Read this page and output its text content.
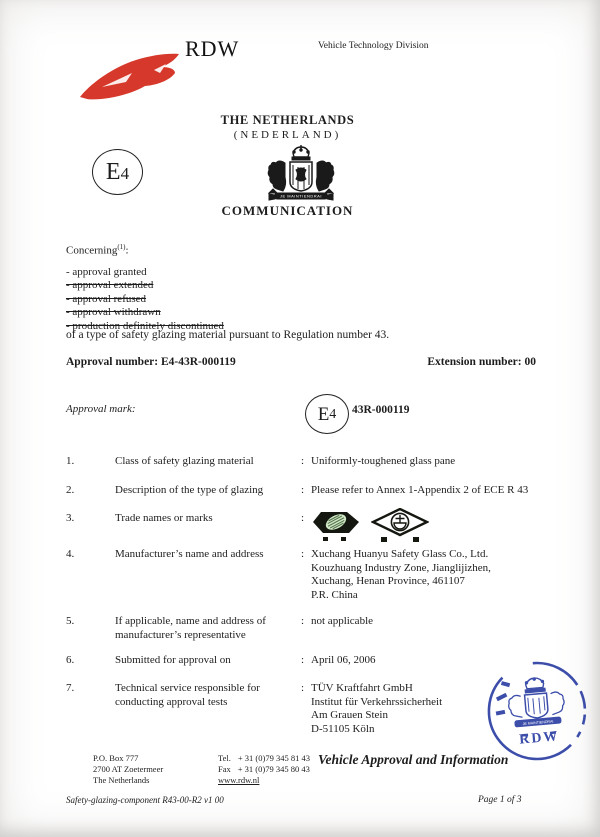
RDW	Vehicle Technology Division
THE NETHERLANDS
(NEDERLAND)
E 4
JE MAINTIENDRAI
COMMUNICATION
Concerning$^{(1)}$:
- approval granted
- approval extended
- approval refused
- approval withdrawn
- production definitely discontinued
of a type of safety glazing material pursuant to Regulation number 43.
Approval number: E4-43R-000119	Extension number: 00
Approval mark:	E 4 43R-000119
1.	Class of safety glazing material	: Uniformly-toughened glass pane
2.	Description of the type of glazing	: Please refer to Annex 1-Appendix 2 of ECE R 43
3.	Trade names or marks	:
4.	Manufacturer’s name and address	: Xuchang Huanyu Safety Glass Co., Ltd.
Kouzhuang Industry Zone, Jianglijizhen,
Xuchang, Henan Province, 461107
P.R. China
5.	If applicable, name and address of manufacturer’s representative
: not applicable
6.	Submitted for approval on	: April 06, 2006
7.	Technical service responsible for conducting approval tests
: TÜV Kraftfahrt GmbH
Institut für Verkehrssicherheit
Am Grauen Stein
D-51105 Köln	JE MAINTIENDRAI
RDW
P.O. Box 777
2700 AT Zoetermeer
The Netherlands
Tel. + 31 (0)79 345 81 43
Fax + 31 (0)79 345 80 43
www.rdw.nl
Vehicle Approval and Information
Safety-glazing-component R43-00-R2 v1 00	Page 1 of 3
